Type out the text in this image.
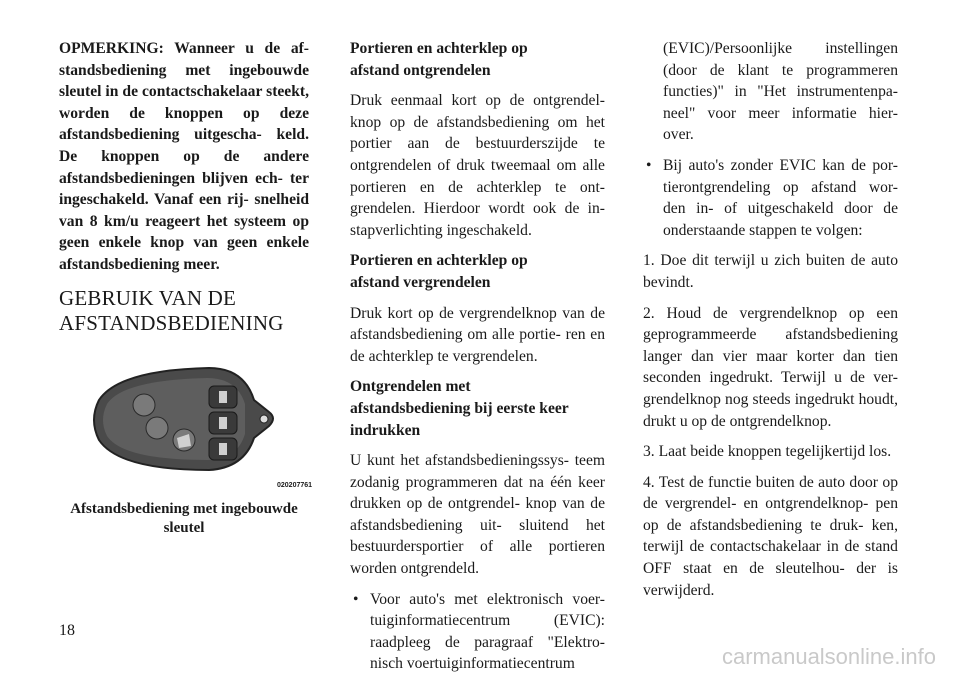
OPMERKING: Wanneer u de af- standsbediening met ingebouwde sleutel in de contactschakelaar steekt, worden de knoppen op deze afstandsbediening uitgescha- keld. De knoppen op de andere afstandsbedieningen blijven ech- ter ingeschakeld. Vanaf een rij- snelheid van 8 km/u reageert het systeem op geen enkele knop van geen enkele afstandsbediening meer.

GEBRUIK VAN DE
AFSTANDSBEDIENING
020207761
Afstandsbediening met ingebouwde
sleutel

Portieren en achterklep op
afstand ontgrendelen

Druk eenmaal kort op de ontgrendel- knop op de afstandsbediening om het portier aan de bestuurderszijde te ontgrendelen of druk tweemaal om alle portieren en de achterklep te ont- grendelen. Hierdoor wordt ook de in- stapverlichting ingeschakeld.

Portieren en achterklep op
afstand vergrendelen

Druk kort op de vergrendelknop van de afstandsbediening om alle portie- ren en de achterklep te vergrendelen.

Ontgrendelen met
afstandsbediening bij eerste keer
indrukken

U kunt het afstandsbedieningssys- teem zodanig programmeren dat na één keer drukken op de ontgrendel- knop van de afstandsbediening uit- sluitend het bestuurdersportier of alle portieren worden ontgrendeld.

• Voor auto's met elektronisch voer- tuiginformatiecentrum (EVIC): raadpleeg de paragraaf "Elektro- nisch voertuiginformatiecentrum

(EVIC)/Persoonlijke instellingen (door de klant te programmeren functies)" in "Het instrumentenpa- neel" voor meer informatie hier- over.

• Bij auto's zonder EVIC kan de por- tierontgrendeling op afstand wor- den in- of uitgeschakeld door de onderstaande stappen te volgen:

1. Doe dit terwijl u zich buiten de auto bevindt.

2. Houd de vergrendelknop op een geprogrammeerde afstandsbediening langer dan vier maar korter dan tien seconden ingedrukt. Terwijl u de ver- grendelknop nog steeds ingedrukt houdt, drukt u op de ontgrendelknop.

3. Laat beide knoppen tegelijkertijd los.

4. Test de functie buiten de auto door op de vergrendel- en ontgrendelknop- pen op de afstandsbediening te druk- ken, terwijl de contactschakelaar in de stand OFF staat en de sleutelhou- der is verwijderd.

18
carmanualsonline.info
